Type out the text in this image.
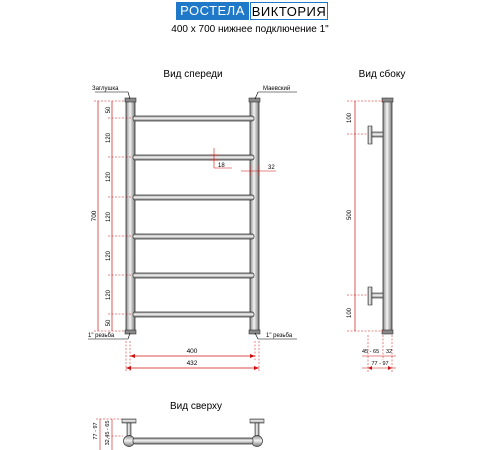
РОСТЕЛА ВИКТОРИЯ
400 x 700 нижнее подключение 1"
Вид спереди	Вид сбоку
Вид сверху
Заглушка	Маевский
1" резьба	1" резьба
700
50
120
120
120
120
120
50
18	32
400
432
100
500
100
45 - 65 32
77 - 97
77 - 97 32,45 - 65
